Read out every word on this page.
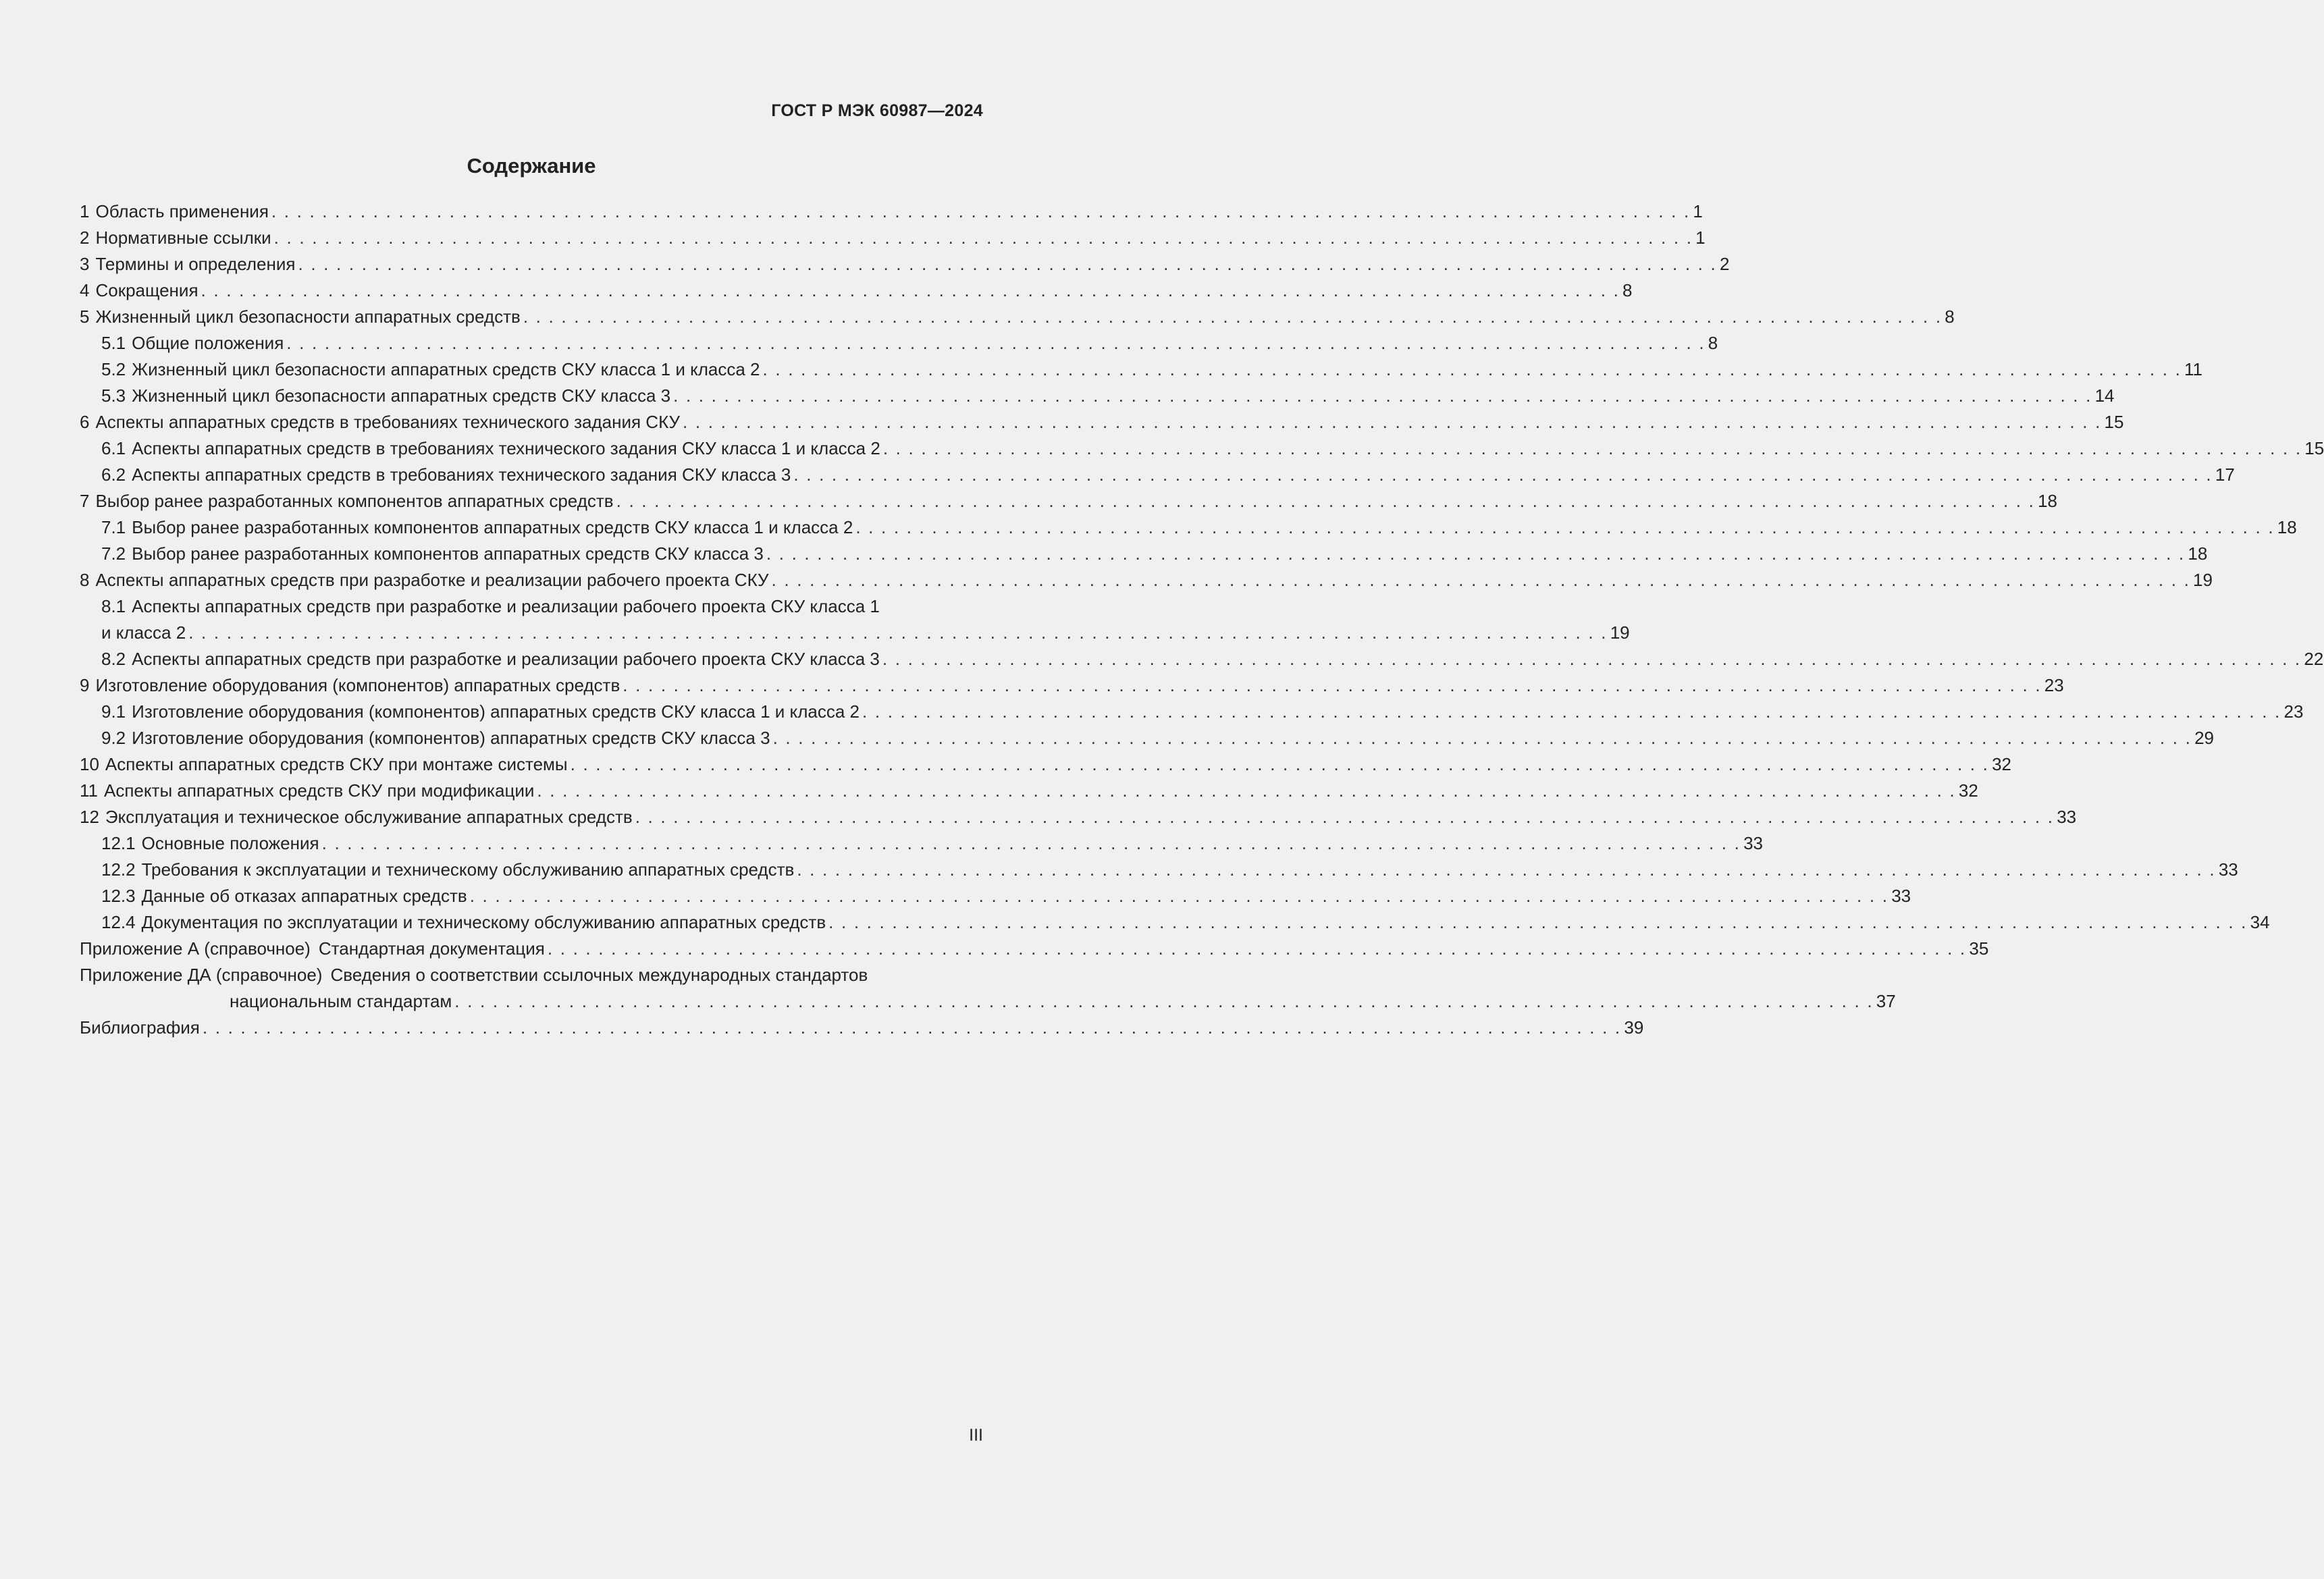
ГОСТ Р МЭК 60987—2024
Содержание
1 Область применения . . . . . . . . . . . . . . . . . . . . . . . . . . . . . . . . . . . . . . . . . . . . . . . . . . . . . . . . . . . . . . . . . . . . . . . . . . . . . . . . . . . . . . . . . . . . . . . . . . . . . . . . . . . . . . . . 1
2 Нормативные ссылки . . . . . . . . . . . . . . . . . . . . . . . . . . . . . . . . . . . . . . . . . . . . . . . . . . . . . . . . . . . . . . . . . . . . . . . . . . . . . . . . . . . . . . . . . . . . . . . . . . . . . . . . . . . . . . . . 1
3 Термины и определения . . . . . . . . . . . . . . . . . . . . . . . . . . . . . . . . . . . . . . . . . . . . . . . . . . . . . . . . . . . . . . . . . . . . . . . . . . . . . . . . . . . . . . . . . . . . . . . . . . . . . . . . . . . . . . . . 2
4 Сокращения . . . . . . . . . . . . . . . . . . . . . . . . . . . . . . . . . . . . . . . . . . . . . . . . . . . . . . . . . . . . . . . . . . . . . . . . . . . . . . . . . . . . . . . . . . . . . . . . . . . . . . . . . . . . . . . . 8
5 Жизненный цикл безопасности аппаратных средств . . . . . . . . . . . . . . . . . . . . . . . . . . . . . . . . . . . . . . . . . . . . . . . . . . . . . . . . . . . . . . . . . . . . . . . . . . . . . . . . . . . . . . . . . . . . . . . . . . . . . . . . . . . . . . . . 8
5.1 Общие положения . . . . . . . . . . . . . . . . . . . . . . . . . . . . . . . . . . . . . . . . . . . . . . . . . . . . . . . . . . . . . . . . . . . . . . . . . . . . . . . . . . . . . . . . . . . . . . . . . . . . . . . . . . . . . . . . 8
5.2 Жизненный цикл безопасности аппаратных средств СКУ класса 1 и класса 2 . . . . . . . . . . . . . . . . . . . . . . . . . . . . . . . . . . . . . . . . . . . . . . . . . . . . . . . . . . . . . . . . . . . . . . . . . . . . . . . . . . . . . . . . . . . . . . . . . . . . . . . . . . . . . . . . 11
5.3 Жизненный цикл безопасности аппаратных средств СКУ класса 3 . . . . . . . . . . . . . . . . . . . . . . . . . . . . . . . . . . . . . . . . . . . . . . . . . . . . . . . . . . . . . . . . . . . . . . . . . . . . . . . . . . . . . . . . . . . . . . . . . . . . . . . . . . . . . . . . 14
6 Аспекты аппаратных средств в требованиях технического задания СКУ . . . . . . . . . . . . . . . . . . . . . . . . . . . . . . . . . . . . . . . . . . . . . . . . . . . . . . . . . . . . . . . . . . . . . . . . . . . . . . . . . . . . . . . . . . . . . . . . . . . . . . . . . . . . . . . . 15
6.1 Аспекты аппаратных средств в требованиях технического задания СКУ класса 1 и класса 2 . . . . . . . . . . . . . . . . . . . . . . . . . . . . . . . . . . . . . . . . . . . . . . . . . . . . . . . . . . . . . . . . . . . . . . . . . . . . . . . . . . . . . . . . . . . . . . . . . . . . . . . . . . . . . . . . 15
6.2 Аспекты аппаратных средств в требованиях технического задания СКУ класса 3 . . . . . . . . . . . . . . . . . . . . . . . . . . . . . . . . . . . . . . . . . . . . . . . . . . . . . . . . . . . . . . . . . . . . . . . . . . . . . . . . . . . . . . . . . . . . . . . . . . . . . . . . . . . . . . . . 17
7 Выбор ранее разработанных компонентов аппаратных средств . . . . . . . . . . . . . . . . . . . . . . . . . . . . . . . . . . . . . . . . . . . . . . . . . . . . . . . . . . . . . . . . . . . . . . . . . . . . . . . . . . . . . . . . . . . . . . . . . . . . . . . . . . . . . . . . 18
7.1 Выбор ранее разработанных компонентов аппаратных средств СКУ класса 1 и класса 2 . . . . . . . . . . . . . . . . . . . . . . . . . . . . . . . . . . . . . . . . . . . . . . . . . . . . . . . . . . . . . . . . . . . . . . . . . . . . . . . . . . . . . . . . . . . . . . . . . . . . . . . . . . . . . . . . 18
7.2 Выбор ранее разработанных компонентов аппаратных средств СКУ класса 3 . . . . . . . . . . . . . . . . . . . . . . . . . . . . . . . . . . . . . . . . . . . . . . . . . . . . . . . . . . . . . . . . . . . . . . . . . . . . . . . . . . . . . . . . . . . . . . . . . . . . . . . . . . . . . . . . 18
8 Аспекты аппаратных средств при разработке и реализации рабочего проекта СКУ . . . . . . . . . . . . . . . . . . . . . . . . . . . . . . . . . . . . . . . . . . . . . . . . . . . . . . . . . . . . . . . . . . . . . . . . . . . . . . . . . . . . . . . . . . . . . . . . . . . . . . . . . . . . . . . . 19
8.1 Аспекты аппаратных средств при разработке и реализации рабочего проекта СКУ класса 1
и класса 2 . . . . . . . . . . . . . . . . . . . . . . . . . . . . . . . . . . . . . . . . . . . . . . . . . . . . . . . . . . . . . . . . . . . . . . . . . . . . . . . . . . . . . . . . . . . . . . . . . . . . . . . . . . . . . . . . 19
8.2 Аспекты аппаратных средств при разработке и реализации рабочего проекта СКУ класса 3 . . . . . . . . . . . . . . . . . . . . . . . . . . . . . . . . . . . . . . . . . . . . . . . . . . . . . . . . . . . . . . . . . . . . . . . . . . . . . . . . . . . . . . . . . . . . . . . . . . . . . . . . . . . . . . . . 22
9 Изготовление оборудования (компонентов) аппаратных средств . . . . . . . . . . . . . . . . . . . . . . . . . . . . . . . . . . . . . . . . . . . . . . . . . . . . . . . . . . . . . . . . . . . . . . . . . . . . . . . . . . . . . . . . . . . . . . . . . . . . . . . . . . . . . . . . 23
9.1 Изготовление оборудования (компонентов) аппаратных средств СКУ класса 1 и класса 2 . . . . . . . . . . . . . . . . . . . . . . . . . . . . . . . . . . . . . . . . . . . . . . . . . . . . . . . . . . . . . . . . . . . . . . . . . . . . . . . . . . . . . . . . . . . . . . . . . . . . . . . . . . . . . . . . 23
9.2 Изготовление оборудования (компонентов) аппаратных средств СКУ класса 3 . . . . . . . . . . . . . . . . . . . . . . . . . . . . . . . . . . . . . . . . . . . . . . . . . . . . . . . . . . . . . . . . . . . . . . . . . . . . . . . . . . . . . . . . . . . . . . . . . . . . . . . . . . . . . . . . 29
10 Аспекты аппаратных средств СКУ при монтаже системы . . . . . . . . . . . . . . . . . . . . . . . . . . . . . . . . . . . . . . . . . . . . . . . . . . . . . . . . . . . . . . . . . . . . . . . . . . . . . . . . . . . . . . . . . . . . . . . . . . . . . . . . . . . . . . . . 32
11 Аспекты аппаратных средств СКУ при модификации . . . . . . . . . . . . . . . . . . . . . . . . . . . . . . . . . . . . . . . . . . . . . . . . . . . . . . . . . . . . . . . . . . . . . . . . . . . . . . . . . . . . . . . . . . . . . . . . . . . . . . . . . . . . . . . . 32
12 Эксплуатация и техническое обслуживание аппаратных средств . . . . . . . . . . . . . . . . . . . . . . . . . . . . . . . . . . . . . . . . . . . . . . . . . . . . . . . . . . . . . . . . . . . . . . . . . . . . . . . . . . . . . . . . . . . . . . . . . . . . . . . . . . . . . . . . 33
12.1 Основные положения . . . . . . . . . . . . . . . . . . . . . . . . . . . . . . . . . . . . . . . . . . . . . . . . . . . . . . . . . . . . . . . . . . . . . . . . . . . . . . . . . . . . . . . . . . . . . . . . . . . . . . . . . . . . . . . . 33
12.2 Требования к эксплуатации и техническому обслуживанию аппаратных средств . . . . . . . . . . . . . . . . . . . . . . . . . . . . . . . . . . . . . . . . . . . . . . . . . . . . . . . . . . . . . . . . . . . . . . . . . . . . . . . . . . . . . . . . . . . . . . . . . . . . . . . . . . . . . . . . 33
12.3 Данные об отказах аппаратных средств . . . . . . . . . . . . . . . . . . . . . . . . . . . . . . . . . . . . . . . . . . . . . . . . . . . . . . . . . . . . . . . . . . . . . . . . . . . . . . . . . . . . . . . . . . . . . . . . . . . . . . . . . . . . . . . . 33
12.4 Документация по эксплуатации и техническому обслуживанию аппаратных средств . . . . . . . . . . . . . . . . . . . . . . . . . . . . . . . . . . . . . . . . . . . . . . . . . . . . . . . . . . . . . . . . . . . . . . . . . . . . . . . . . . . . . . . . . . . . . . . . . . . . . . . . . . . . . . . . 34
Приложение А (справочное) Стандартная документация . . . . . . . . . . . . . . . . . . . . . . . . . . . . . . . . . . . . . . . . . . . . . . . . . . . . . . . . . . . . . . . . . . . . . . . . . . . . . . . . . . . . . . . . . . . . . . . . . . . . . . . . . . . . . . . . 35
Приложение ДА (справочное) Сведения о соответствии ссылочных международных стандартов
национальным стандартам . . . . . . . . . . . . . . . . . . . . . . . . . . . . . . . . . . . . . . . . . . . . . . . . . . . . . . . . . . . . . . . . . . . . . . . . . . . . . . . . . . . . . . . . . . . . . . . . . . . . . . . . . . . . . . . . 37
Библиография . . . . . . . . . . . . . . . . . . . . . . . . . . . . . . . . . . . . . . . . . . . . . . . . . . . . . . . . . . . . . . . . . . . . . . . . . . . . . . . . . . . . . . . . . . . . . . . . . . . . . . . . . . . . . . . . 39
III
